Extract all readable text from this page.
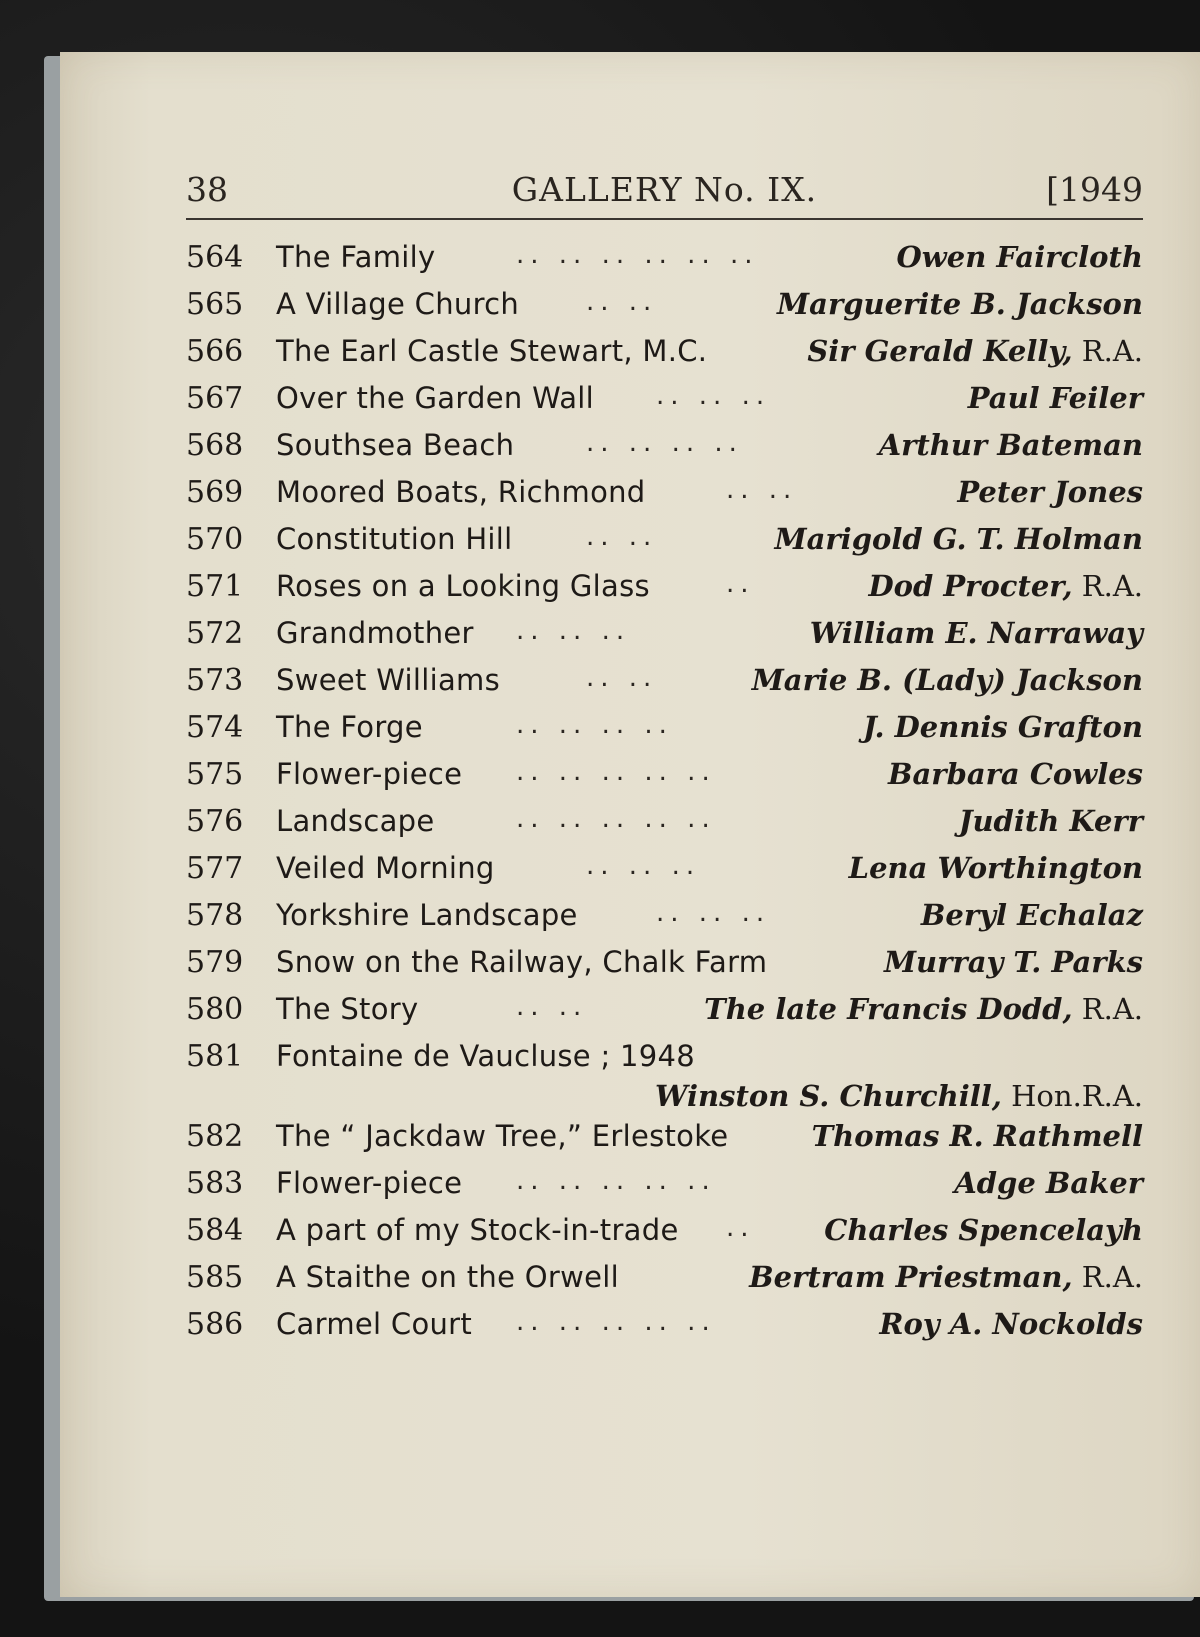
38	GALLERY No. IX.	[1949
564 The Family	.. .. .. .. .. ..	Owen Faircloth
565 A Village Church	.. ..	Marguerite B. Jackson
566 The Earl Castle Stewart, M.C.	Sir Gerald Kelly, R.A.
567 Over the Garden Wall .. .. ..	Paul Feiler
568 Southsea Beach	.. .. .. ..	Arthur Bateman
569 Moored Boats, Richmond	.. ..	Peter Jones
570 Constitution Hill	.. ..	Marigold G. T. Holman
571 Roses on a Looking Glass	..	Dod Procter, R.A.
572 Grandmother .. .. ..	William E. Narraway
573 Sweet Williams	.. ..	Marie B. (Lady) Jackson
574 The Forge	.. .. .. ..	J. Dennis Grafton
575 Flower-piece .. .. .. .. ..	Barbara Cowles
576 Landscape	.. .. .. .. ..	Judith Kerr
577 Veiled Morning	.. .. ..	Lena Worthington
578 Yorkshire Landscape	.. .. ..	Beryl Echalaz
579 Snow on the Railway, Chalk Farm	Murray T. Parks
580 The Story	.. ..	The late Francis Dodd, R.A.
581 Fontaine de Vaucluse ; 1948
Winston S. Churchill, Hon.R.A.
582 The “ Jackdaw Tree,” Erlestoke	Thomas R. Rathmell
583 Flower-piece .. .. .. .. ..	Adge Baker
584 A part of my Stock-in-trade .. Charles Spencelayh
585 A Staithe on the Orwell	Bertram Priestman, R.A.
586 Carmel Court .. .. .. .. ..	Roy A. Nockolds
